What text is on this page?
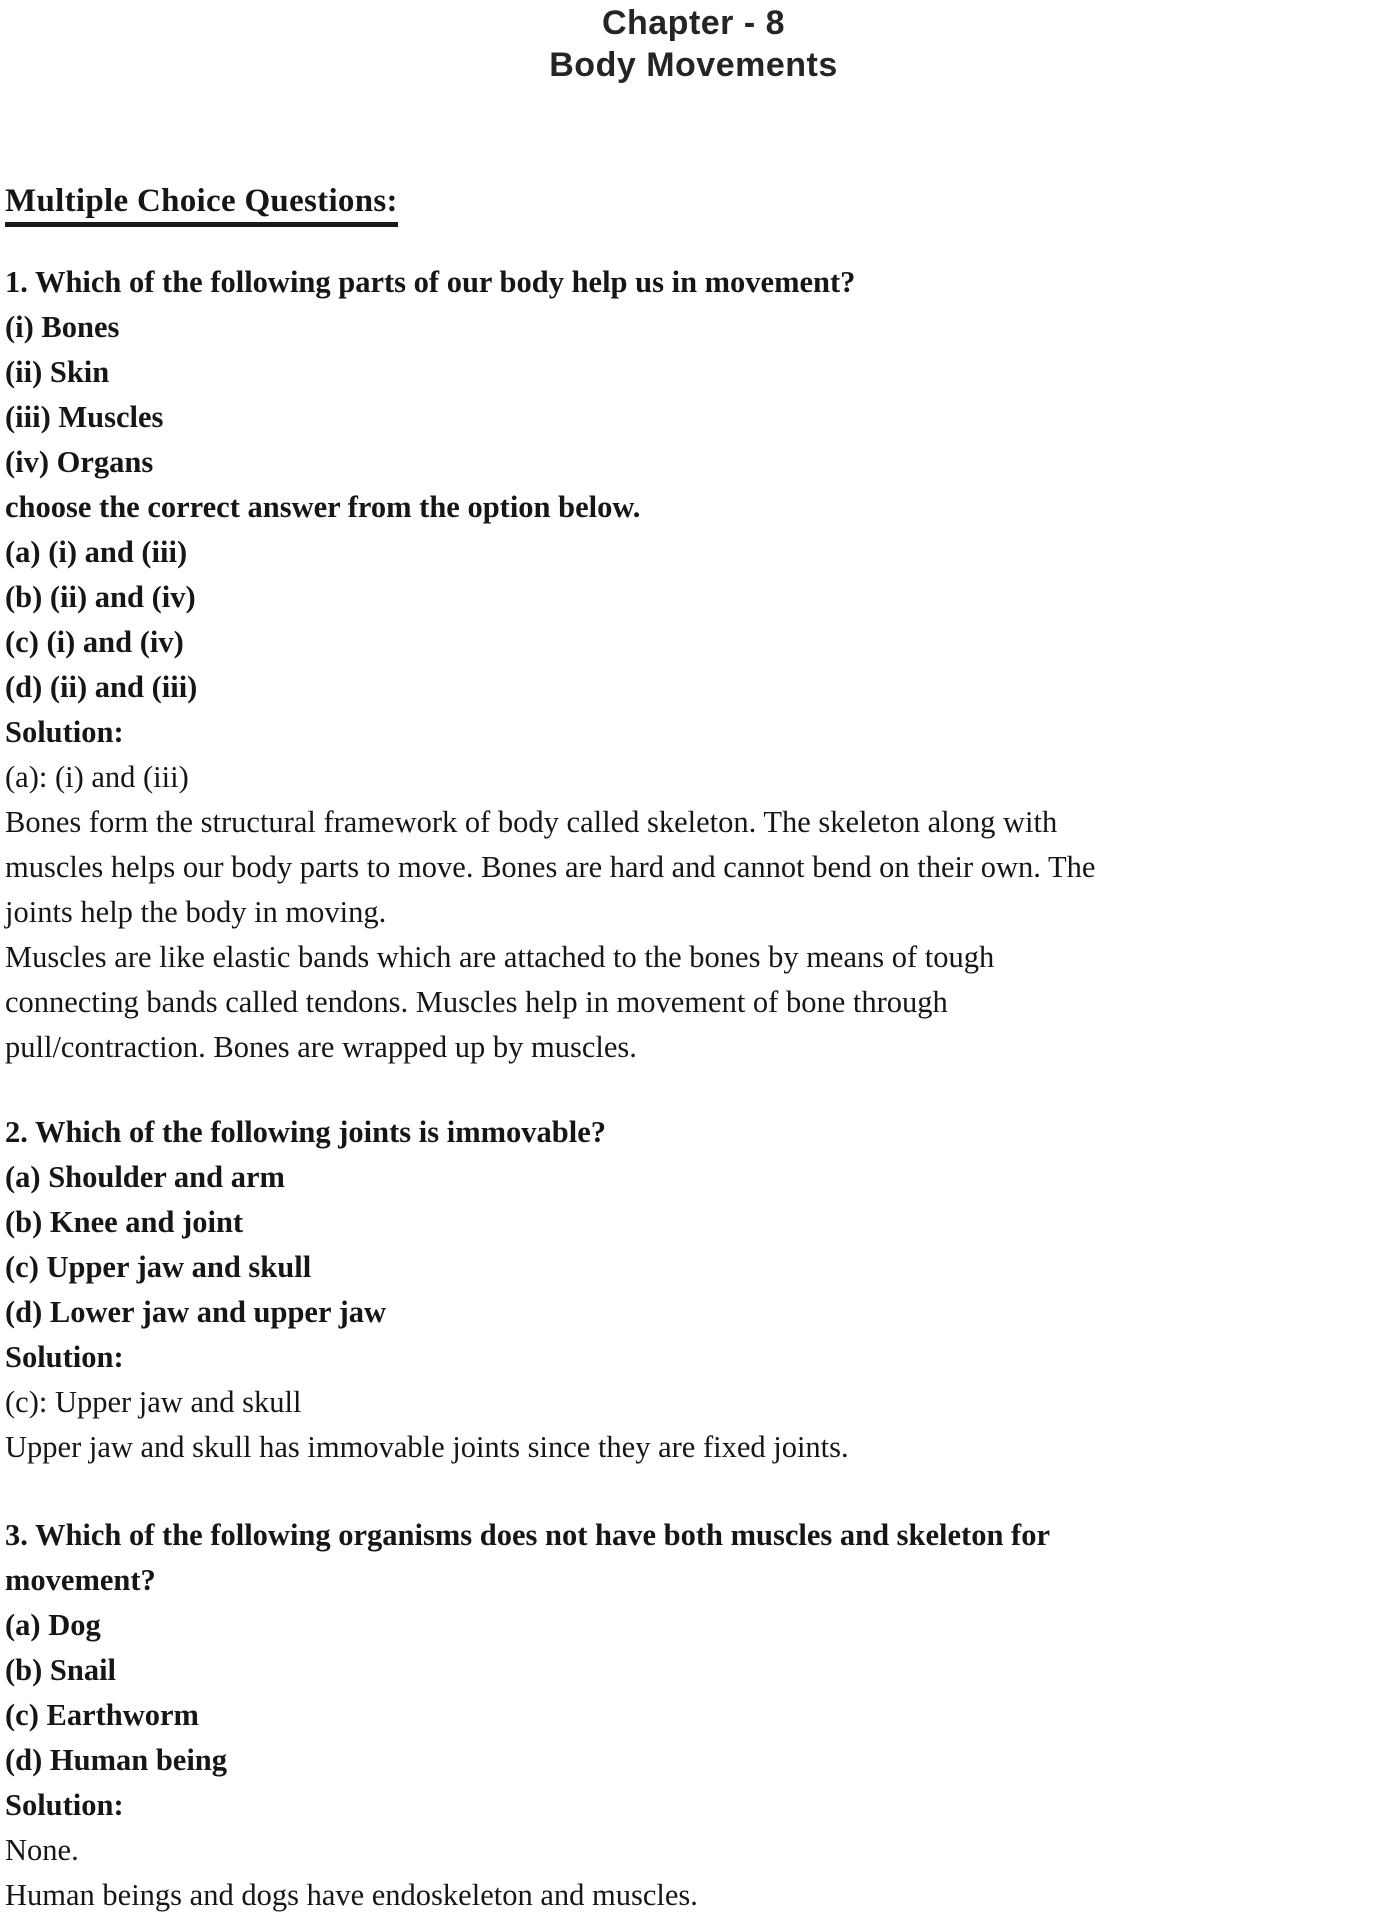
Chapter - 8
Body Movements
Multiple Choice Questions:

1. Which of the following parts of our body help us in movement?

(i) Bones

(ii) Skin

(iii) Muscles

(iv) Organs

choose the correct answer from the option below.

(a) (i) and (iii)

(b) (ii) and (iv)

(c) (i) and (iv)

(d) (ii) and (iii)

Solution:

(a): (i) and (iii)

Bones form the structural framework of body called skeleton. The skeleton along with

muscles helps our body parts to move. Bones are hard and cannot bend on their own. The

joints help the body in moving.

Muscles are like elastic bands which are attached to the bones by means of tough

connecting bands called tendons. Muscles help in movement of bone through

pull/contraction. Bones are wrapped up by muscles.

2. Which of the following joints is immovable?

(a) Shoulder and arm

(b) Knee and joint

(c) Upper jaw and skull

(d) Lower jaw and upper jaw

Solution:

(c): Upper jaw and skull

Upper jaw and skull has immovable joints since they are fixed joints.

3. Which of the following organisms does not have both muscles and skeleton for

movement?

(a) Dog

(b) Snail

(c) Earthworm

(d) Human being

Solution:

None.

Human beings and dogs have endoskeleton and muscles.
